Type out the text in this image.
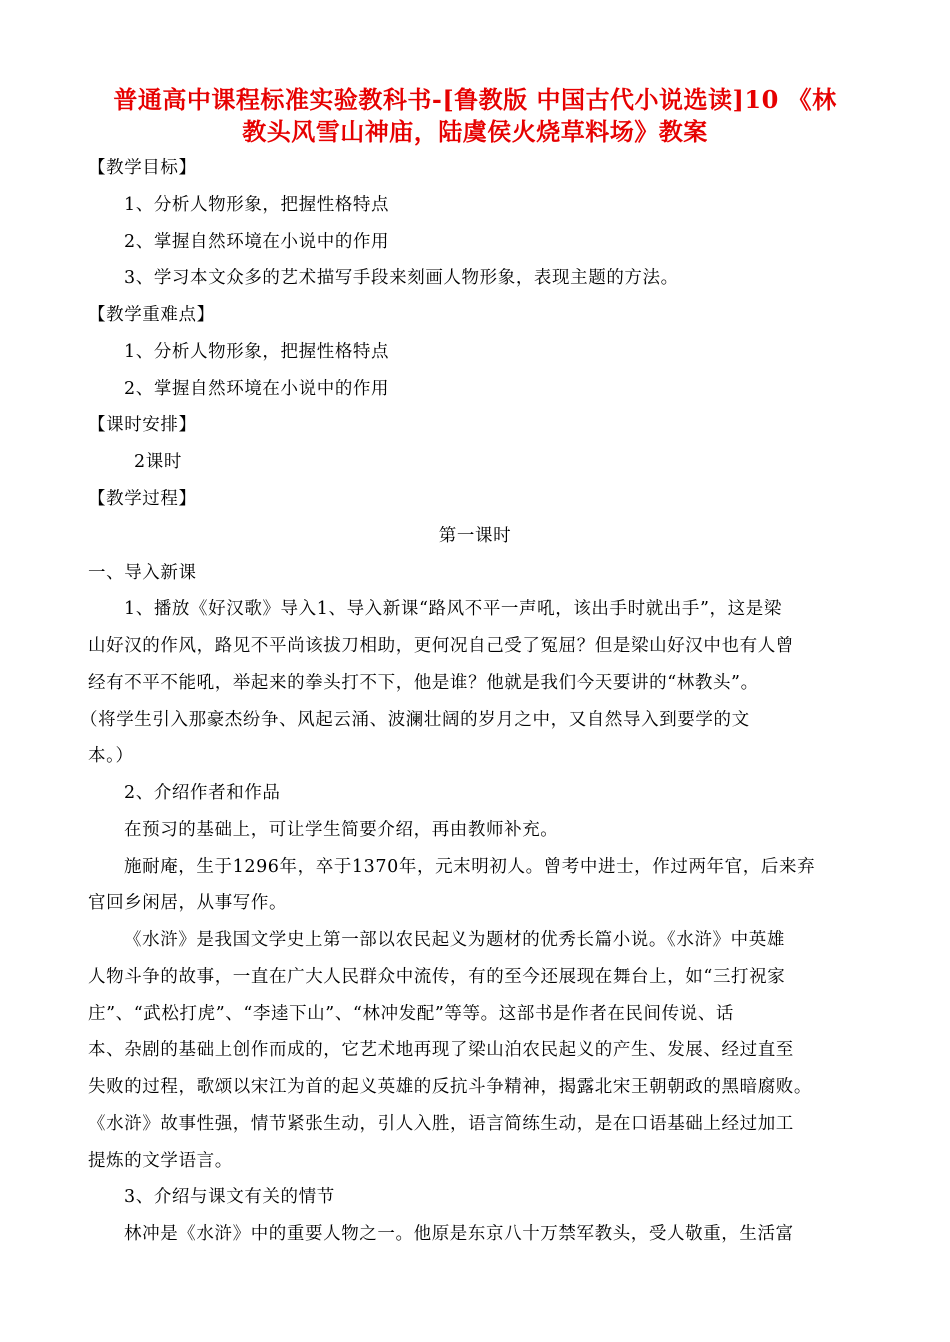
普通高中课程标准实验教科书-[鲁教版 中国古代小说选读]10 《林
教头风雪山神庙，陆虞侯火烧草料场》教案
【教学目标】
1、分析人物形象，把握性格特点
2、掌握自然环境在小说中的作用
3、学习本文众多的艺术描写手段来刻画人物形象，表现主题的方法。
【教学重难点】
1、分析人物形象，把握性格特点
2、掌握自然环境在小说中的作用
【课时安排】
2课时
【教学过程】
第一课时
一、导入新课
1、播放《好汉歌》导入1、导入新课“路风不平一声吼，该出手时就出手”，这是梁
山好汉的作风，路见不平尚该拔刀相助，更何况自己受了冤屈？但是梁山好汉中也有人曾
经有不平不能吼，举起来的拳头打不下，他是谁？他就是我们今天要讲的“林教头”。
（将学生引入那豪杰纷争、风起云涌、波澜壮阔的岁月之中，又自然导入到要学的文
本。）
2、介绍作者和作品
在预习的基础上，可让学生简要介绍，再由教师补充。
施耐庵，生于1296年，卒于1370年，元末明初人。曾考中进士，作过两年官，后来弃
官回乡闲居，从事写作。
《水浒》是我国文学史上第一部以农民起义为题材的优秀长篇小说。《水浒》中英雄
人物斗争的故事，一直在广大人民群众中流传，有的至今还展现在舞台上，如“三打祝家
庄”、“武松打虎”、“李逵下山”、“林冲发配”等等。这部书是作者在民间传说、话
本、杂剧的基础上创作而成的，它艺术地再现了梁山泊农民起义的产生、发展、经过直至
失败的过程，歌颂以宋江为首的起义英雄的反抗斗争精神，揭露北宋王朝朝政的黑暗腐败。
《水浒》故事性强，情节紧张生动，引人入胜，语言简练生动，是在口语基础上经过加工
提炼的文学语言。
3、介绍与课文有关的情节
林冲是《水浒》中的重要人物之一。他原是东京八十万禁军教头，受人敬重，生活富
